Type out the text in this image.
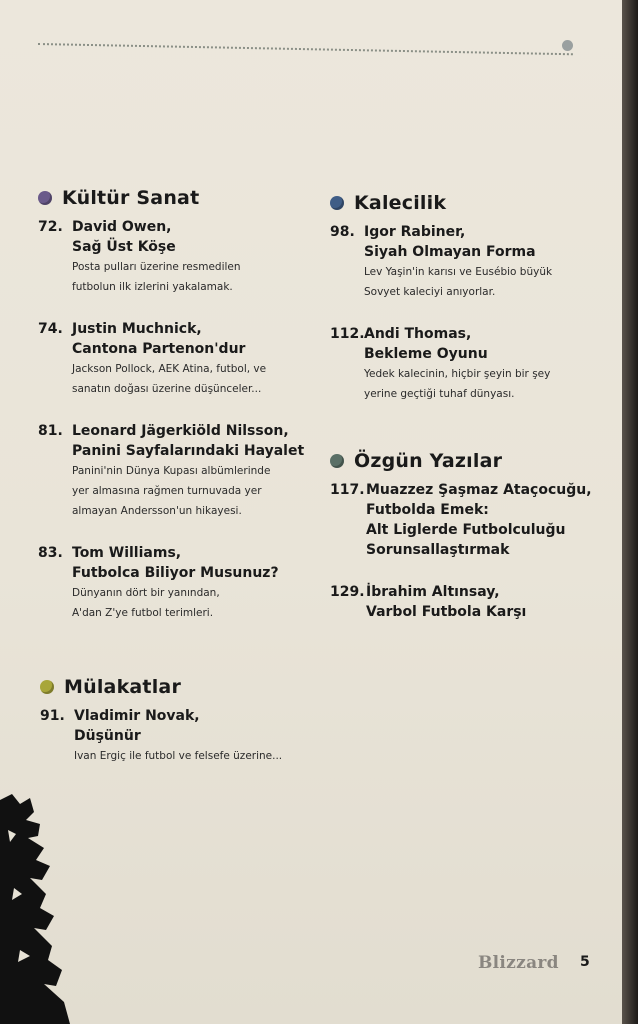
Kültür Sanat
72. David Owen,
Sağ Üst Köşe
Posta pulları üzerine resmedilen
futbolun ilk izlerini yakalamak.
74. Justin Muchnick,
Cantona Partenon'dur
Jackson Pollock, AEK Atina, futbol, ve
sanatın doğası üzerine düşünceler...
81. Leonard Jägerkiöld Nilsson,
Panini Sayfalarındaki Hayalet
Panini'nin Dünya Kupası albümlerinde
yer almasına rağmen turnuvada yer
almayan Andersson'un hikayesi.
83. Tom Williams,
Futbolca Biliyor Musunuz?
Dünyanın dört bir yanından,
A'dan Z'ye futbol terimleri.
Mülakatlar
91. Vladimir Novak,
Düşünür
Ivan Ergiç ile futbol ve felsefe üzerine...
Kalecilik
98. Igor Rabiner,
Siyah Olmayan Forma
Lev Yaşin'in karısı ve Eusébio büyük
Sovyet kaleciyi anıyorlar.
112. Andi Thomas,
Bekleme Oyunu
Yedek kalecinin, hiçbir şeyin bir şey
yerine geçtiği tuhaf dünyası.
Özgün Yazılar
117. Muazzez Şaşmaz Ataçocuğu,
Futbolda Emek:
Alt Liglerde Futbolculuğu
Sorunsallaştırmak
129. İbrahim Altınsay,
Varbol Futbola Karşı
Blizzard 5
